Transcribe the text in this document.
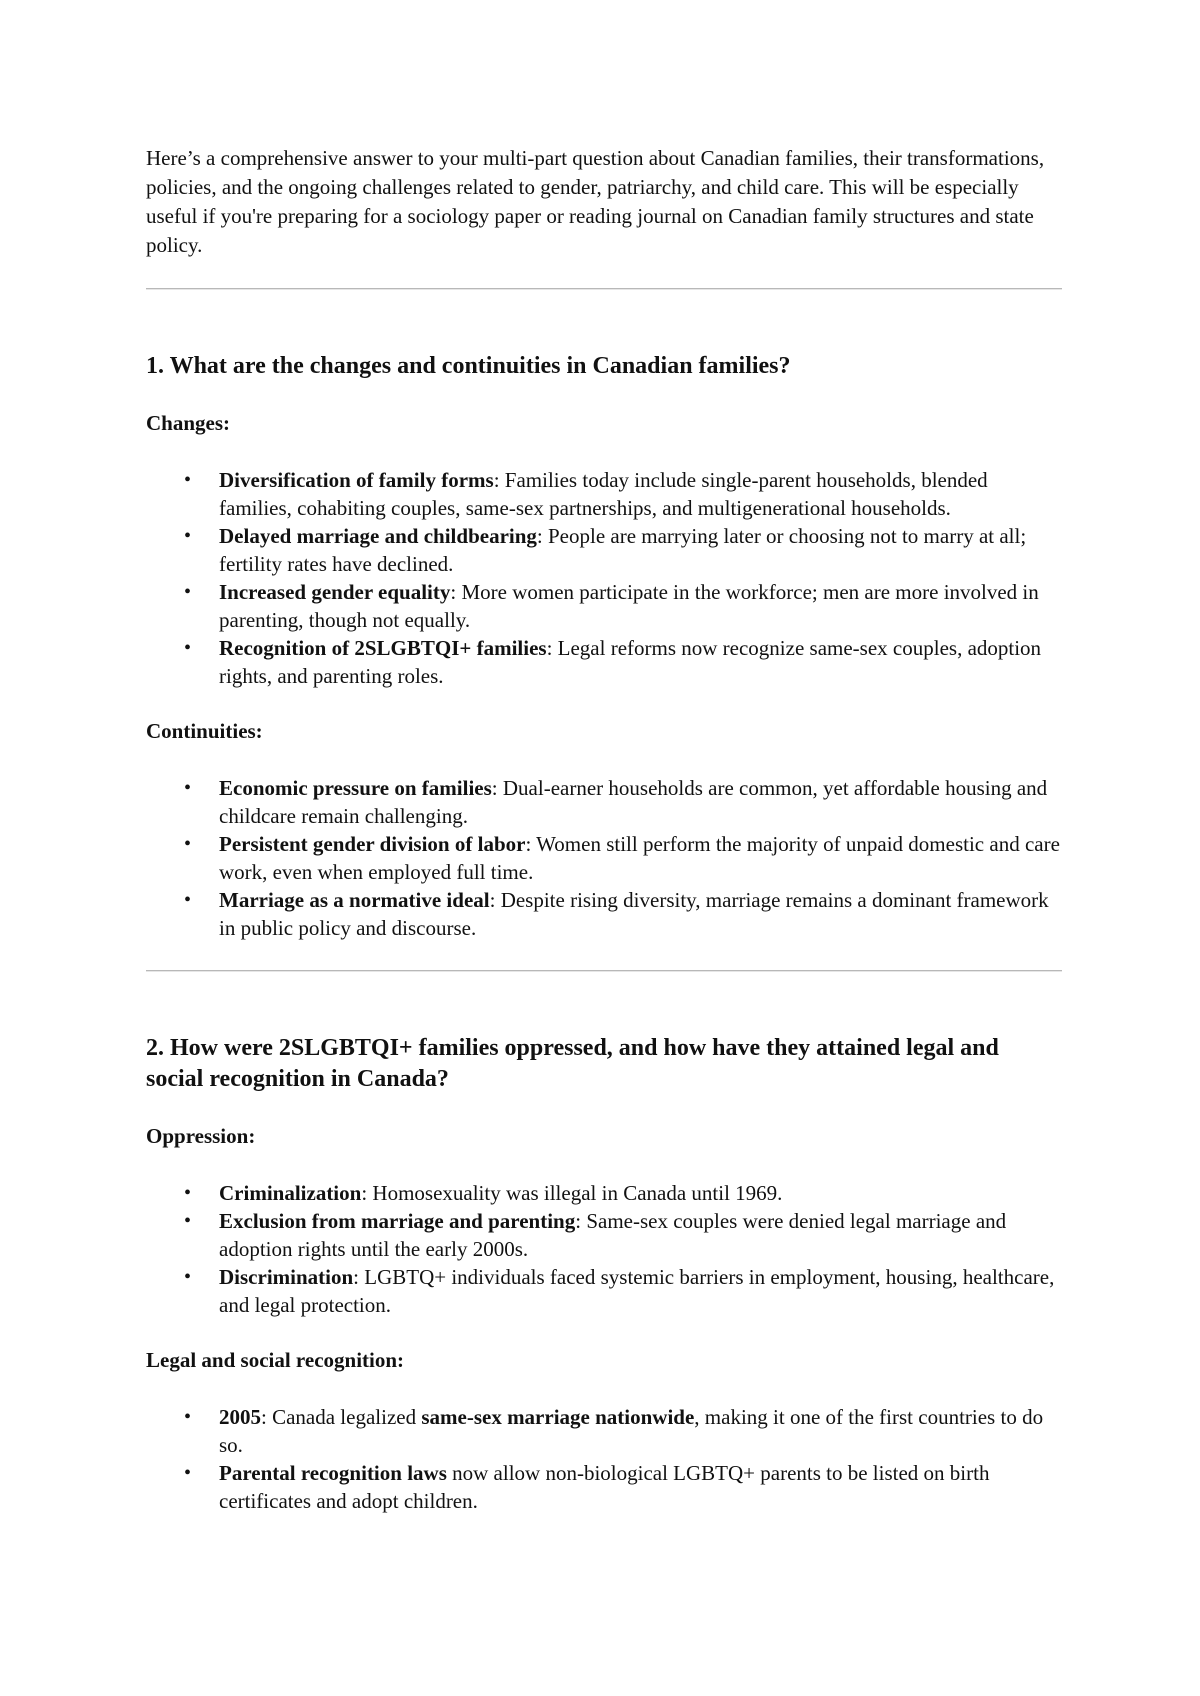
Here’s a comprehensive answer to your multi-part question about Canadian families, their transformations, policies, and the ongoing challenges related to gender, patriarchy, and child care. This will be especially useful if you're preparing for a sociology paper or reading journal on Canadian family structures and state policy.

1. What are the changes and continuities in Canadian families?

Changes:

• Diversification of family forms: Families today include single-parent households, blended families, cohabiting couples, same-sex partnerships, and multigenerational households.
• Delayed marriage and childbearing: People are marrying later or choosing not to marry at all; fertility rates have declined.
• Increased gender equality: More women participate in the workforce; men are more involved in parenting, though not equally.
• Recognition of 2SLGBTQI+ families: Legal reforms now recognize same-sex couples, adoption rights, and parenting roles.

Continuities:

• Economic pressure on families: Dual-earner households are common, yet affordable housing and childcare remain challenging.
• Persistent gender division of labor: Women still perform the majority of unpaid domestic and care work, even when employed full time.
• Marriage as a normative ideal: Despite rising diversity, marriage remains a dominant framework in public policy and discourse.
2. How were 2SLGBTQI+ families oppressed, and how have they attained legal and social recognition in Canada?

Oppression:

• Criminalization: Homosexuality was illegal in Canada until 1969.
• Exclusion from marriage and parenting: Same-sex couples were denied legal marriage and adoption rights until the early 2000s.
• Discrimination: LGBTQ+ individuals faced systemic barriers in employment, housing, healthcare, and legal protection.

Legal and social recognition:

• 2005: Canada legalized same-sex marriage nationwide, making it one of the first countries to do so.
• Parental recognition laws now allow non-biological LGBTQ+ parents to be listed on birth certificates and adopt children.
